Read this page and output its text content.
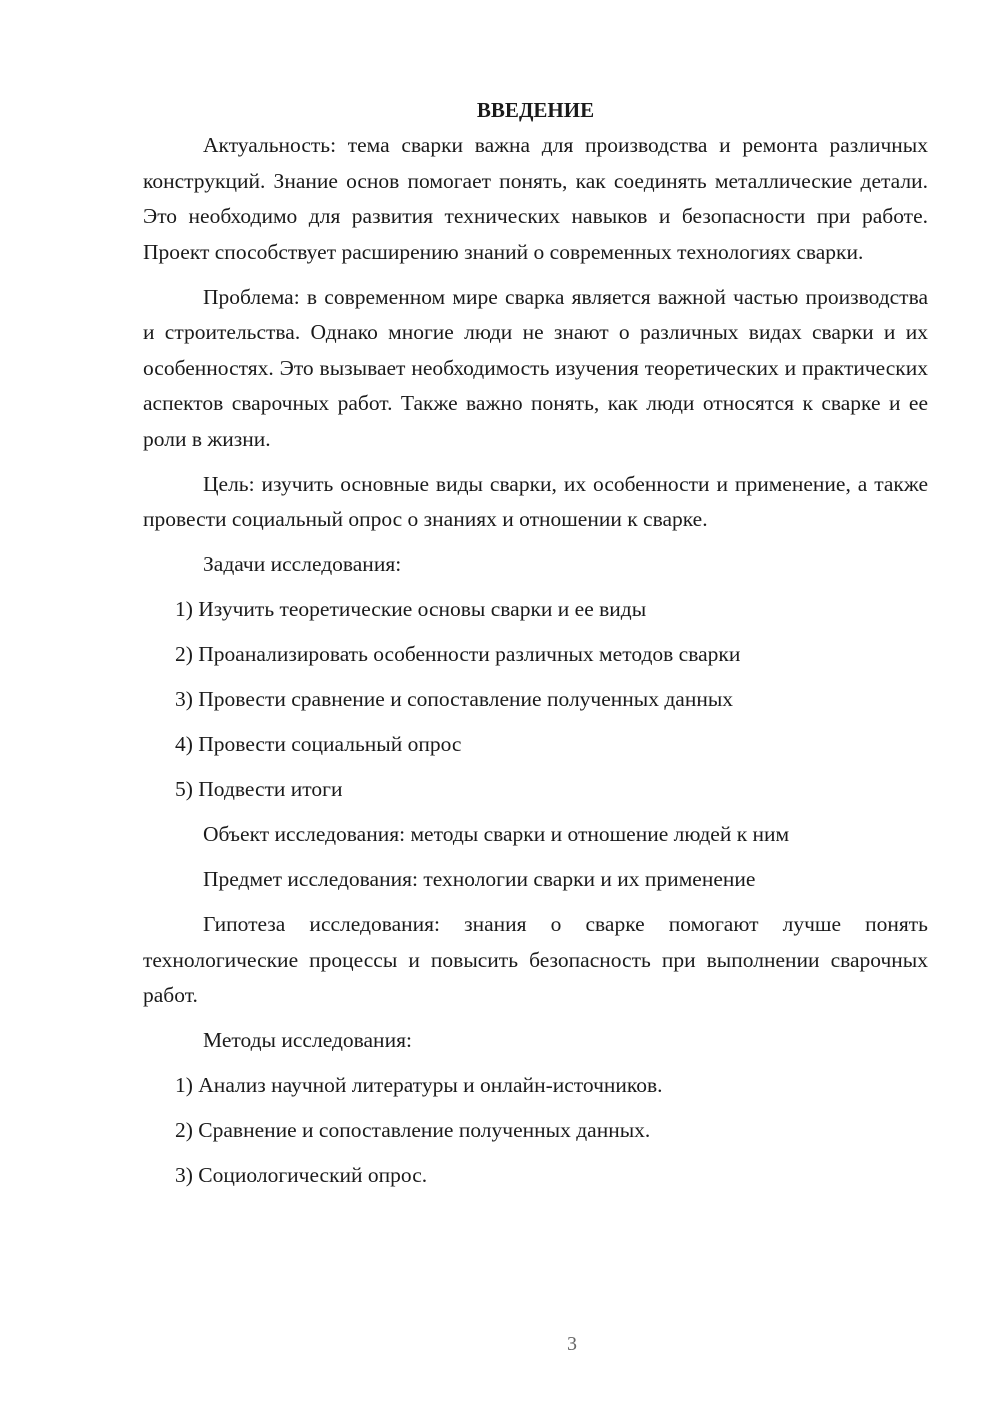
ВВЕДЕНИЕ
Актуальность: тема сварки важна для производства и ремонта различных конструкций. Знание основ помогает понять, как соединять металлические детали. Это необходимо для развития технических навыков и безопасности при работе. Проект способствует расширению знаний о современных технологиях сварки.
Проблема: в современном мире сварка является важной частью производства и строительства. Однако многие люди не знают о различных видах сварки и их особенностях. Это вызывает необходимость изучения теоретических и практических аспектов сварочных работ. Также важно понять, как люди относятся к сварке и ее роли в жизни.
Цель: изучить основные виды сварки, их особенности и применение, а также провести социальный опрос о знаниях и отношении к сварке.
Задачи исследования:
1) Изучить теоретические основы сварки и ее виды
2) Проанализировать особенности различных методов сварки
3) Провести сравнение и сопоставление полученных данных
4) Провести социальный опрос
5) Подвести итоги
Объект исследования: методы сварки и отношение людей к ним
Предмет исследования: технологии сварки и их применение
Гипотеза исследования: знания о сварке помогают лучше понять технологические процессы и повысить безопасность при выполнении сварочных работ.
Методы исследования:
1) Анализ научной литературы и онлайн-источников.
2) Сравнение и сопоставление полученных данных.
3) Социологический опрос.
3
